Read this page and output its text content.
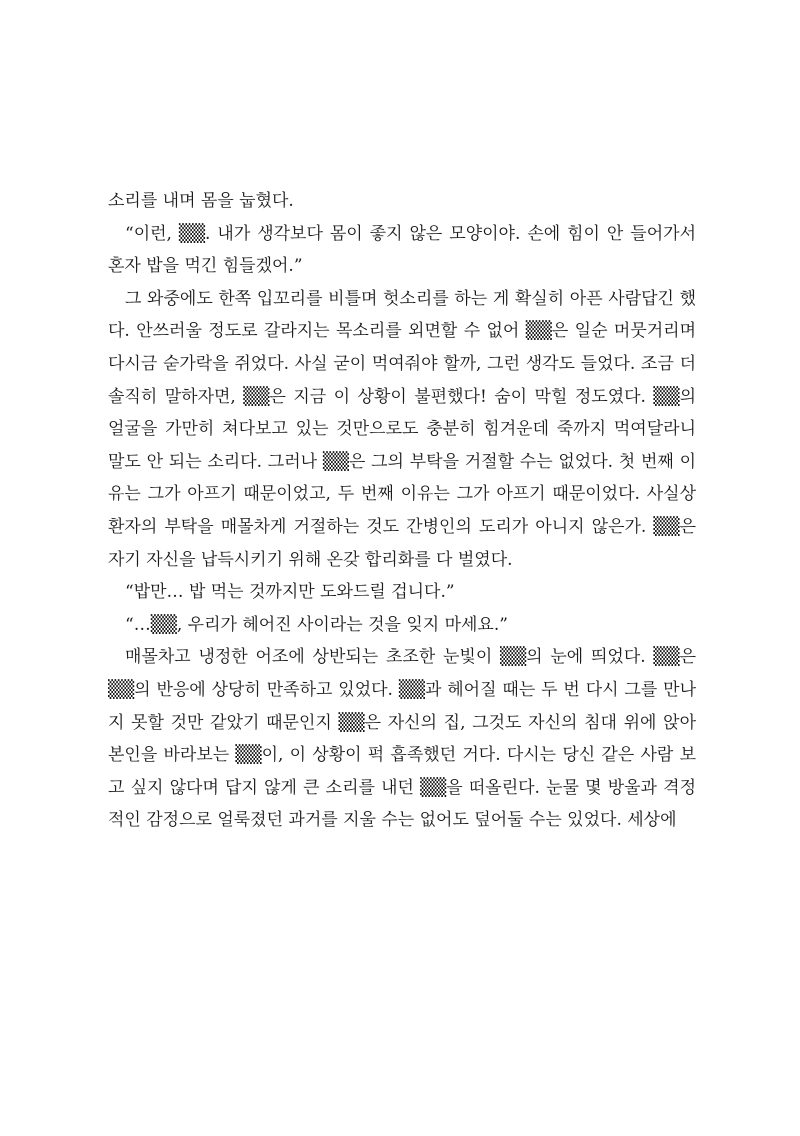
소리를 내며 몸을 눕혔다.

“이런, ▒▒. 내가 생각보다 몸이 좋지 않은 모양이야. 손에 힘이 안 들어가서 혼자 밥을 먹긴 힘들겠어.”

그 와중에도 한쪽 입꼬리를 비틀며 헛소리를 하는 게 확실히 아픈 사람답긴 했다. 안쓰러울 정도로 갈라지는 목소리를 외면할 수 없어 ▒▒은 일순 머뭇거리며 다시금 숟가락을 쥐었다. 사실 굳이 먹여줘야 할까, 그런 생각도 들었다. 조금 더 솔직히 말하자면, ▒▒은 지금 이 상황이 불편했다! 숨이 막힐 정도였다. ▒▒의 얼굴을 가만히 쳐다보고 있는 것만으로도 충분히 힘겨운데 죽까지 먹여달라니 말도 안 되는 소리다. 그러나 ▒▒은 그의 부탁을 거절할 수는 없었다. 첫 번째 이유는 그가 아프기 때문이었고, 두 번째 이유는 그가 아프기 때문이었다. 사실상 환자의 부탁을 매몰차게 거절하는 것도 간병인의 도리가 아니지 않은가. ▒▒은 자기 자신을 납득시키기 위해 온갖 합리화를 다 벌였다.

“밥만… 밥 먹는 것까지만 도와드릴 겁니다.”

“…▒▒, 우리가 헤어진 사이라는 것을 잊지 마세요.”

매몰차고 냉정한 어조에 상반되는 초조한 눈빛이 ▒▒의 눈에 띄었다. ▒▒은 ▒▒의 반응에 상당히 만족하고 있었다. ▒▒과 헤어질 때는 두 번 다시 그를 만나지 못할 것만 같았기 때문인지 ▒▒은 자신의 집, 그것도 자신의 침대 위에 앉아 본인을 바라보는 ▒▒이, 이 상황이 퍽 흡족했던 거다. 다시는 당신 같은 사람 보고 싶지 않다며 답지 않게 큰 소리를 내던 ▒▒을 떠올린다. 눈물 몇 방울과 격정적인 감정으로 얼룩졌던 과거를 지울 수는 없어도 덮어둘 수는 있었다. 세상에
